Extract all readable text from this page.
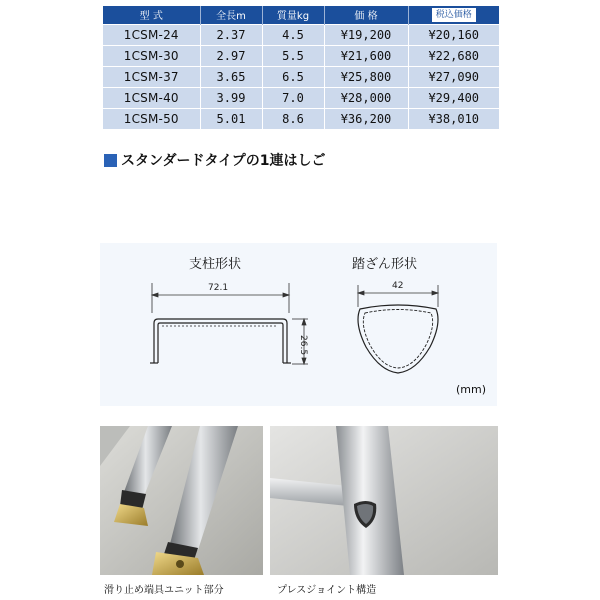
型 式	全長m	質量kg	価 格	税込価格
1CSM-24	2.37	4.5	¥19,200	¥20,160
1CSM-30	2.97	5.5	¥21,600	¥22,680
1CSM-37	3.65	6.5	¥25,800	¥27,090
1CSM-40	3.99	7.0	¥28,000	¥29,400
1CSM-50	5.01	8.6	¥36,200	¥38,010
スタンダードタイプの1連はしご
支柱形状
72.1
26.5
踏ざん形状
42
(mm)
滑り止め端具ユニット部分	プレスジョイント構造
